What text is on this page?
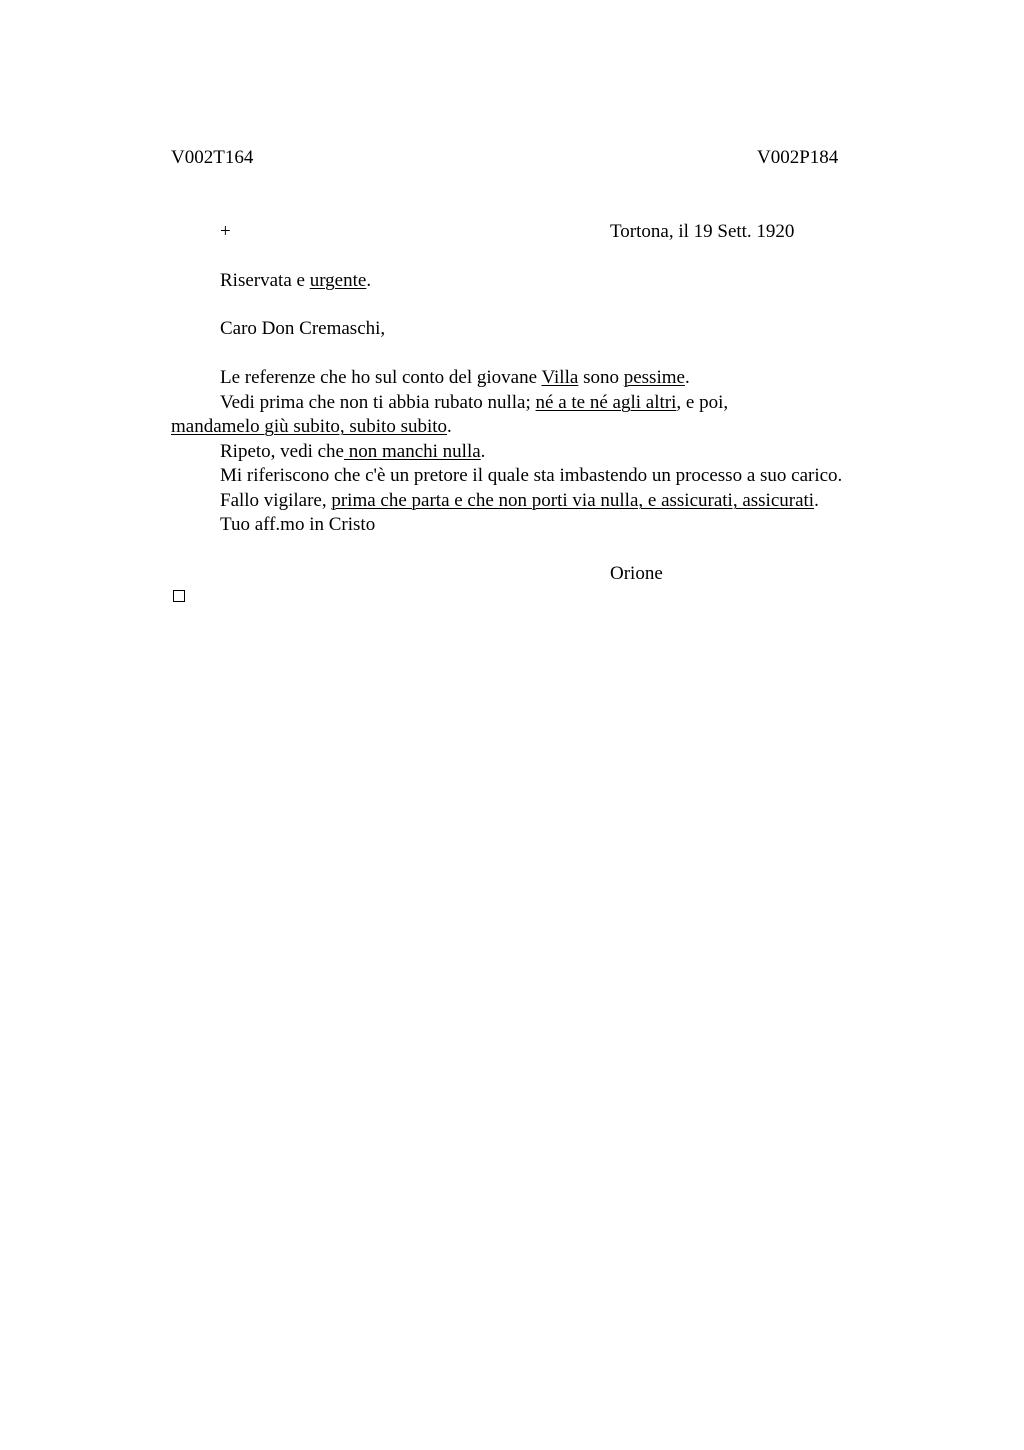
V002T164	V002P184
+	Tortona, il 19 Sett. 1920
Riservata e urgente.
Caro Don Cremaschi,
Le referenze che ho sul conto del giovane Villa sono pessime.
Vedi prima che non ti abbia rubato nulla; né a te né agli altri, e poi,
mandamelo giù subito, subito subito.
Ripeto, vedi che non manchi nulla.
Mi riferiscono che c'è un pretore il quale sta imbastendo un processo a suo carico.
Fallo vigilare, prima che parta e che non porti via nulla, e assicurati, assicurati.
Tuo aff.mo in Cristo
Orione
